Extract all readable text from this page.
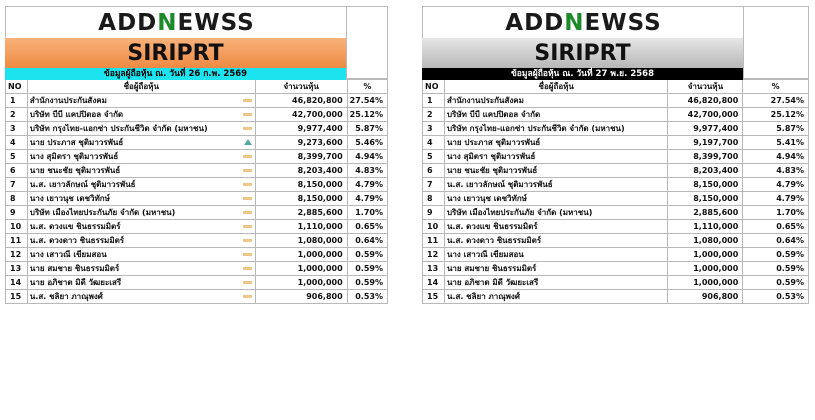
ADDNEWSS
SIRIPRT
ข้อมูลผู้ถือหุ้น ณ. วันที่ 26 ก.พ. 2569
NO	ชื่อผู้ถือหุ้น	จำนวนหุ้น	%
1	สำนักงานประกันสังคม	46,820,800	27.54%
2	บริษัท บีบี แคปปิตอล จำกัด	42,700,000	25.12%
3	บริษัท กรุงไทย-แอกซ่า ประกันชีวิต จำกัด (มหาชน)	9,977,400	5.87%
4	นาย ประภาส ชุติมาวรพันธ์	9,273,600	5.46%
5	นาง สุมิตรา ชุติมาวรพันธ์	8,399,700	4.94%
6	นาย ชนะชัย ชุติมาวรพันธ์	8,203,400	4.83%
7	น.ส. เยาวลักษณ์ ชุติมาวรพันธ์	8,150,000	4.79%
8	นาง เยาวนุช เดชวิทักษ์	8,150,000	4.79%
9	บริษัท เมืองไทยประกันภัย จำกัด (มหาชน)	2,885,600	1.70%
10	น.ส. ดวงแข ชินธรรมมิตร์	1,110,000	0.65%
11	น.ส. ดวงดาว ชินธรรมมิตร์	1,080,000	0.64%
12	นาง เสาวณี เขียมสอน	1,000,000	0.59%
13	นาย สมชาย ชินธรรมมิตร์	1,000,000	0.59%
14	นาย อภิชาต มิดี วัฒยะเสรี	1,000,000	0.59%
15	น.ส. ชลิยา ภาณุพงศ์	906,800	0.53%
ADDNEWSS
SIRIPRT
ข้อมูลผู้ถือหุ้น ณ. วันที่ 27 พ.ย. 2568
NO	ชื่อผู้ถือหุ้น	จำนวนหุ้น	%
1	สำนักงานประกันสังคม	46,820,800	27.54%
2	บริษัท บีบี แคปปิตอล จำกัด	42,700,000	25.12%
3	บริษัท กรุงไทย-แอกซ่า ประกันชีวิต จำกัด (มหาชน)	9,977,400	5.87%
4	นาย ประภาส ชุติมาวรพันธ์	9,197,700	5.41%
5	นาง สุมิตรา ชุติมาวรพันธ์	8,399,700	4.94%
6	นาย ชนะชัย ชุติมาวรพันธ์	8,203,400	4.83%
7	น.ส. เยาวลักษณ์ ชุติมาวรพันธ์	8,150,000	4.79%
8	นาง เยาวนุช เดชวิทักษ์	8,150,000	4.79%
9	บริษัท เมืองไทยประกันภัย จำกัด (มหาชน)	2,885,600	1.70%
10	น.ส. ดวงแข ชินธรรมมิตร์	1,110,000	0.65%
11	น.ส. ดวงดาว ชินธรรมมิตร์	1,080,000	0.64%
12	นาง เสาวณี เขียมสอน	1,000,000	0.59%
13	นาย สมชาย ชินธรรมมิตร์	1,000,000	0.59%
14	นาย อภิชาต มิดี วัฒยะเสรี	1,000,000	0.59%
15	น.ส. ชลิยา ภาณุพงศ์	906,800	0.53%
